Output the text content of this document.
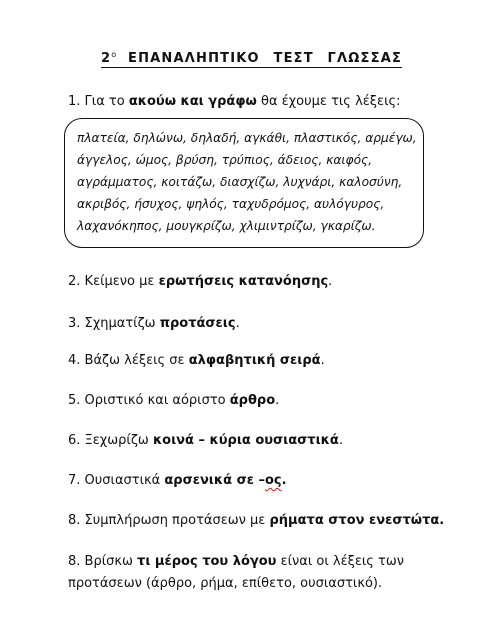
$2^o$ ΕΠΑΝΑΛΗΠΤΙΚΟ ΤΕΣΤ ΓΛΩΣΣΑΣ
1. Για το ακούω και γράφω θα έχουμε τις λέξεις:

πλατεία, δηλώνω, δηλαδή, αγκάθι, πλαστικός, αρμέγω,

άγγελος, ώμος, βρύση, τρύπιος, άδειος, καιφός,

αγράμματος, κοιτάζω, διασχίζω, λυχνάρι, καλοσύνη,

ακριβός, ήσυχος, ψηλός, ταχυδρόμος, αυλόγυρος,

λαχανόκηπος, μουγκρίζω, χλιμιντρίζω, γκαρίζω.

2. Κείμενο με ερωτήσεις κατανόησης.
3. Σχηματίζω προτάσεις.
4. Βάζω λέξεις σε αλφαβητική σειρά.
5. Οριστικό και αόριστο άρθρο.
6. Ξεχωρίζω κοινά – κύρια ουσιαστικά.
7. Ουσιαστικά αρσενικά σε –ος.
8. Συμπλήρωση προτάσεων με ρήματα στον ενεστώτα.
8. Βρίσκω τι μέρος του λόγου είναι οι λέξεις των
προτάσεων (άρθρο, ρήμα, επίθετο, ουσιαστικό).
